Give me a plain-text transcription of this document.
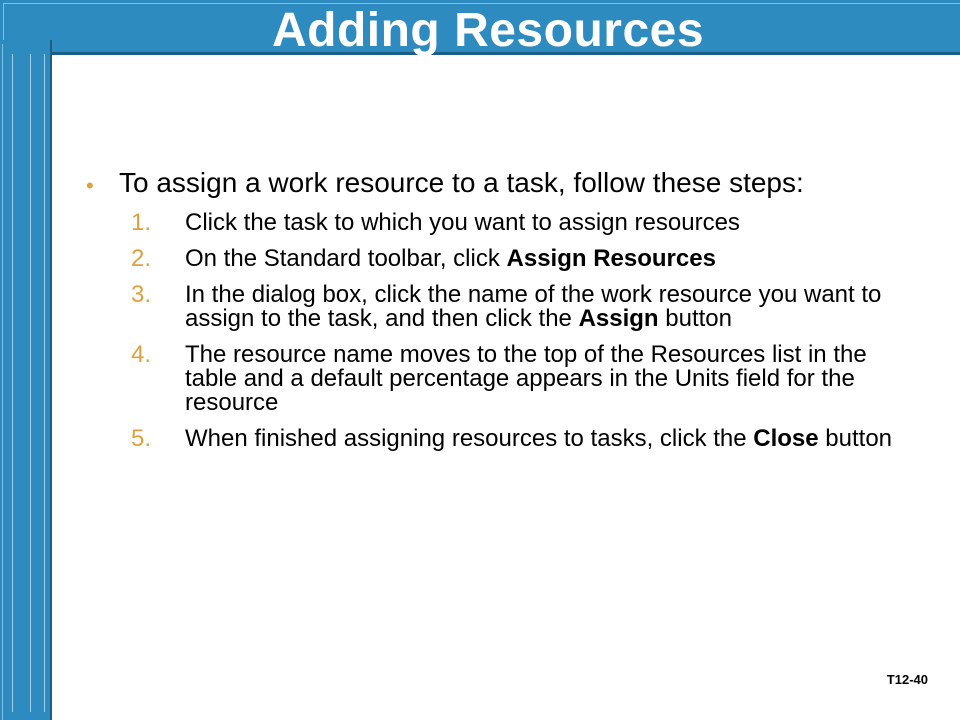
Adding Resources
• To assign a work resource to a task, follow these steps:
1. Click the task to which you want to assign resources
2. On the Standard toolbar, click Assign Resources
3. In the dialog box, click the name of the work resource you want to assign to the task, and then click the Assign button
4. The resource name moves to the top of the Resources list in the table and a default percentage appears in the Units field for the resource
5. When finished assigning resources to tasks, click the Close button
T12-40
